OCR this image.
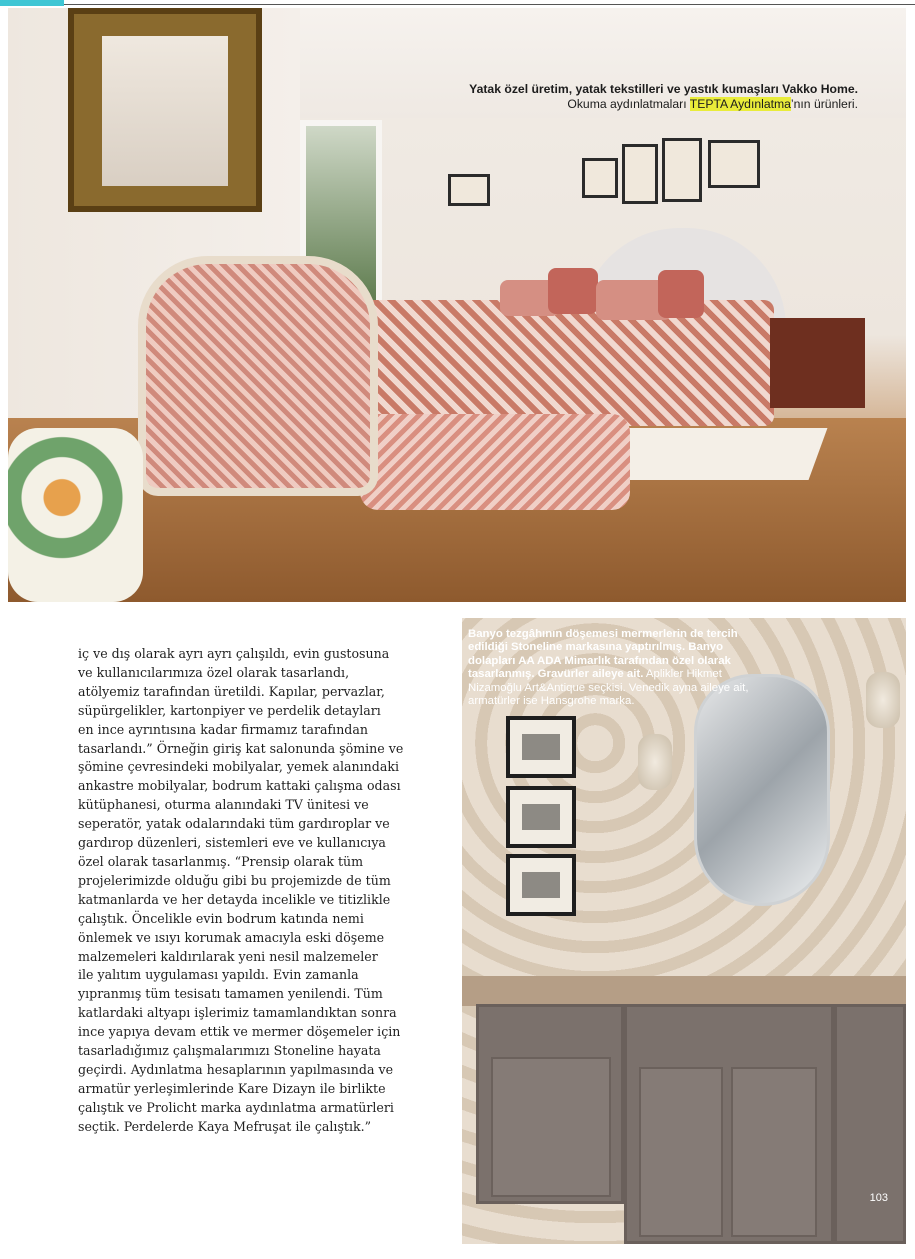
Yatak özel üretim, yatak tekstilleri ve yastık kumaşları Vakko Home.
Okuma aydınlatmaları TEPTA Aydınlatma’nın ürünleri.

iç ve dış olarak ayrı ayrı çalışıldı, evin gustosuna
ve kullanıcılarımıza özel olarak tasarlandı,
atölyemiz tarafından üretildi. Kapılar, pervazlar,
süpürgelikler, kartonpiyer ve perdelik detayları
en ince ayrıntısına kadar firmamız tarafından
tasarlandı.” Örneğin giriş kat salonunda şömine ve
şömine çevresindeki mobilyalar, yemek alanındaki
ankastre mobilyalar, bodrum kattaki çalışma odası
kütüphanesi, oturma alanındaki TV ünitesi ve
seperatör, yatak odalarındaki tüm gardıroplar ve
gardırop düzenleri, sistemleri eve ve kullanıcıya
özel olarak tasarlanmış. “Prensip olarak tüm
projelerimizde olduğu gibi bu projemizde de tüm
katmanlarda ve her detayda incelikle ve titizlikle
çalıştık. Öncelikle evin bodrum katında nemi
önlemek ve ısıyı korumak amacıyla eski döşeme
malzemeleri kaldırılarak yeni nesil malzemeler
ile yalıtım uygulaması yapıldı. Evin zamanla
yıpranmış tüm tesisatı tamamen yenilendi. Tüm
katlardaki altyapı işlerimiz tamamlandıktan sonra
ince yapıya devam ettik ve mermer döşemeler için
tasarladığımız çalışmalarımızı Stoneline hayata
geçirdi. Aydınlatma hesaplarının yapılmasında ve
armatür yerleşimlerinde Kare Dizayn ile birlikte
çalıştık ve Prolicht marka aydınlatma armatürleri
seçtik. Perdelerde Kaya Mefruşat ile çalıştık.”

Banyo tezgâhının döşemesi mermerlerin de tercih edildiği Stoneline markasına yaptırılmış. Banyo dolapları AA ADA Mimarlık tarafından özel olarak tasarlanmış. Gravürler aileye ait. Aplikler Hikmet Nizamoğlu Art&Antique seçkisi. Venedik ayna aileye ait, armatürler ise Hansgrohe marka.
103
